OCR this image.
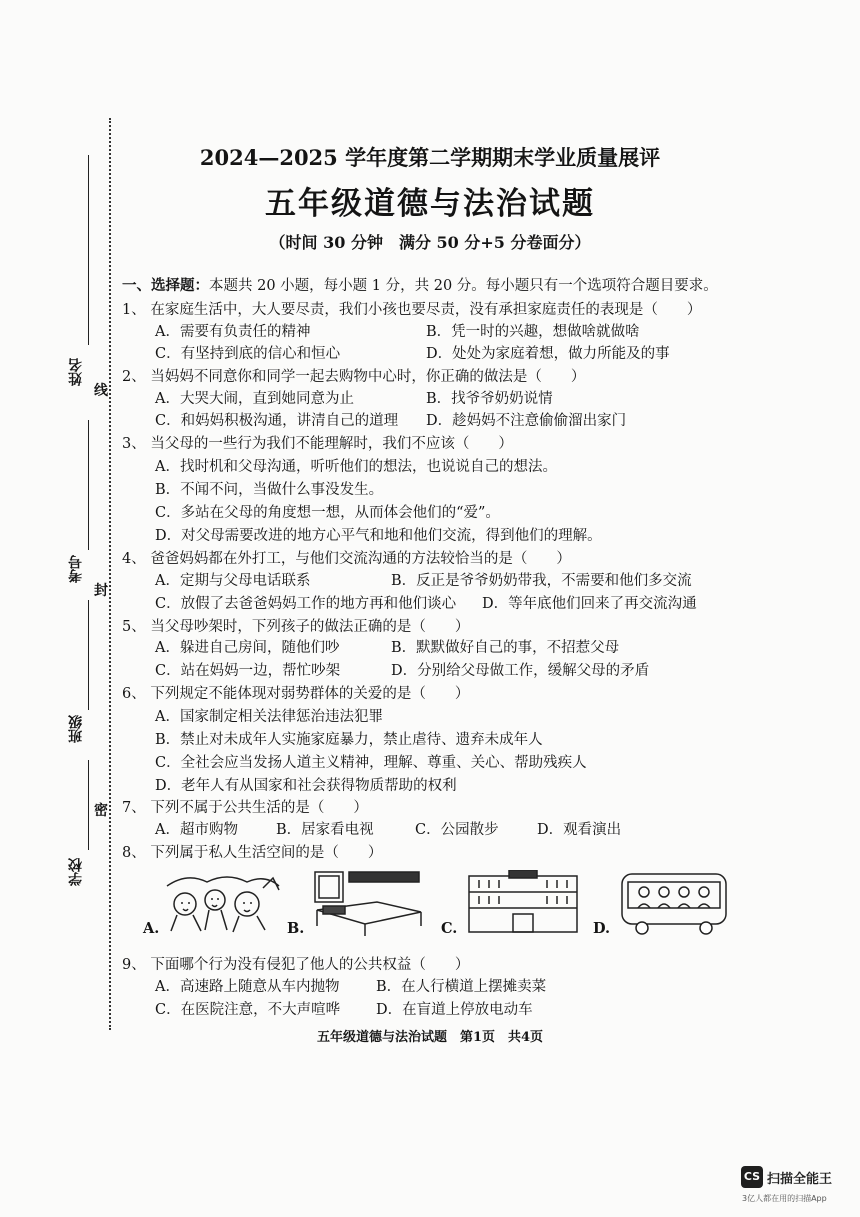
姓名
线
考号
封
班级
密
学校
2024—2025 学年度第二学期期末学业质量展评
五年级道德与法治试题
（时间 30 分钟　满分 50 分+5 分卷面分）
一、选择题：本题共 20 小题，每小题 1 分，共 20 分。每小题只有一个选项符合题目要求。
1、 在家庭生活中，大人要尽责，我们小孩也要尽责，没有承担家庭责任的表现是（　　）
A．需要有负责任的精神	B．凭一时的兴趣，想做啥就做啥
C．有坚持到底的信心和恒心	D．处处为家庭着想，做力所能及的事
2、 当妈妈不同意你和同学一起去购物中心时，你正确的做法是（　　）
A．大哭大闹，直到她同意为止	B．找爷爷奶奶说情
C．和妈妈积极沟通，讲清自己的道理 D．趁妈妈不注意偷偷溜出家门
3、 当父母的一些行为我们不能理解时，我们不应该（　　）
A．找时机和父母沟通，听听他们的想法，也说说自己的想法。
B．不闻不问，当做什么事没发生。
C．多站在父母的角度想一想，从而体会他们的“爱”。
D．对父母需要改进的地方心平气和地和他们交流，得到他们的理解。
4、 爸爸妈妈都在外打工，与他们交流沟通的方法较恰当的是（　　）
A．定期与父母电话联系	B．反正是爷爷奶奶带我，不需要和他们多交流
C．放假了去爸爸妈妈工作的地方再和他们谈心 D．等年底他们回来了再交流沟通
5、 当父母吵架时，下列孩子的做法正确的是（　　）
A．躲进自己房间，随他们吵	B．默默做好自己的事，不招惹父母
C．站在妈妈一边，帮忙吵架	D．分别给父母做工作，缓解父母的矛盾
6、 下列规定不能体现对弱势群体的关爱的是（　　）
A．国家制定相关法律惩治违法犯罪
B．禁止对未成年人实施家庭暴力，禁止虐待、遗弃未成年人
C．全社会应当发扬人道主义精神，理解、尊重、关心、帮助残疾人
D．老年人有从国家和社会获得物质帮助的权利
7、 下列不属于公共生活的是（　　）
A．超市购物	B．居家看电视	C．公园散步	D．观看演出
8、 下列属于私人生活空间的是（　　）
A.	B.	C.	D.
9、 下面哪个行为没有侵犯了他人的公共权益（　　）
A．高速路上随意从车内抛物	B．在人行横道上摆摊卖菜
C．在医院注意，不大声喧哗 D．在盲道上停放电动车
五年级道德与法治试题　第1页　共4页
CS 扫描全能王
3亿人都在用的扫描App
